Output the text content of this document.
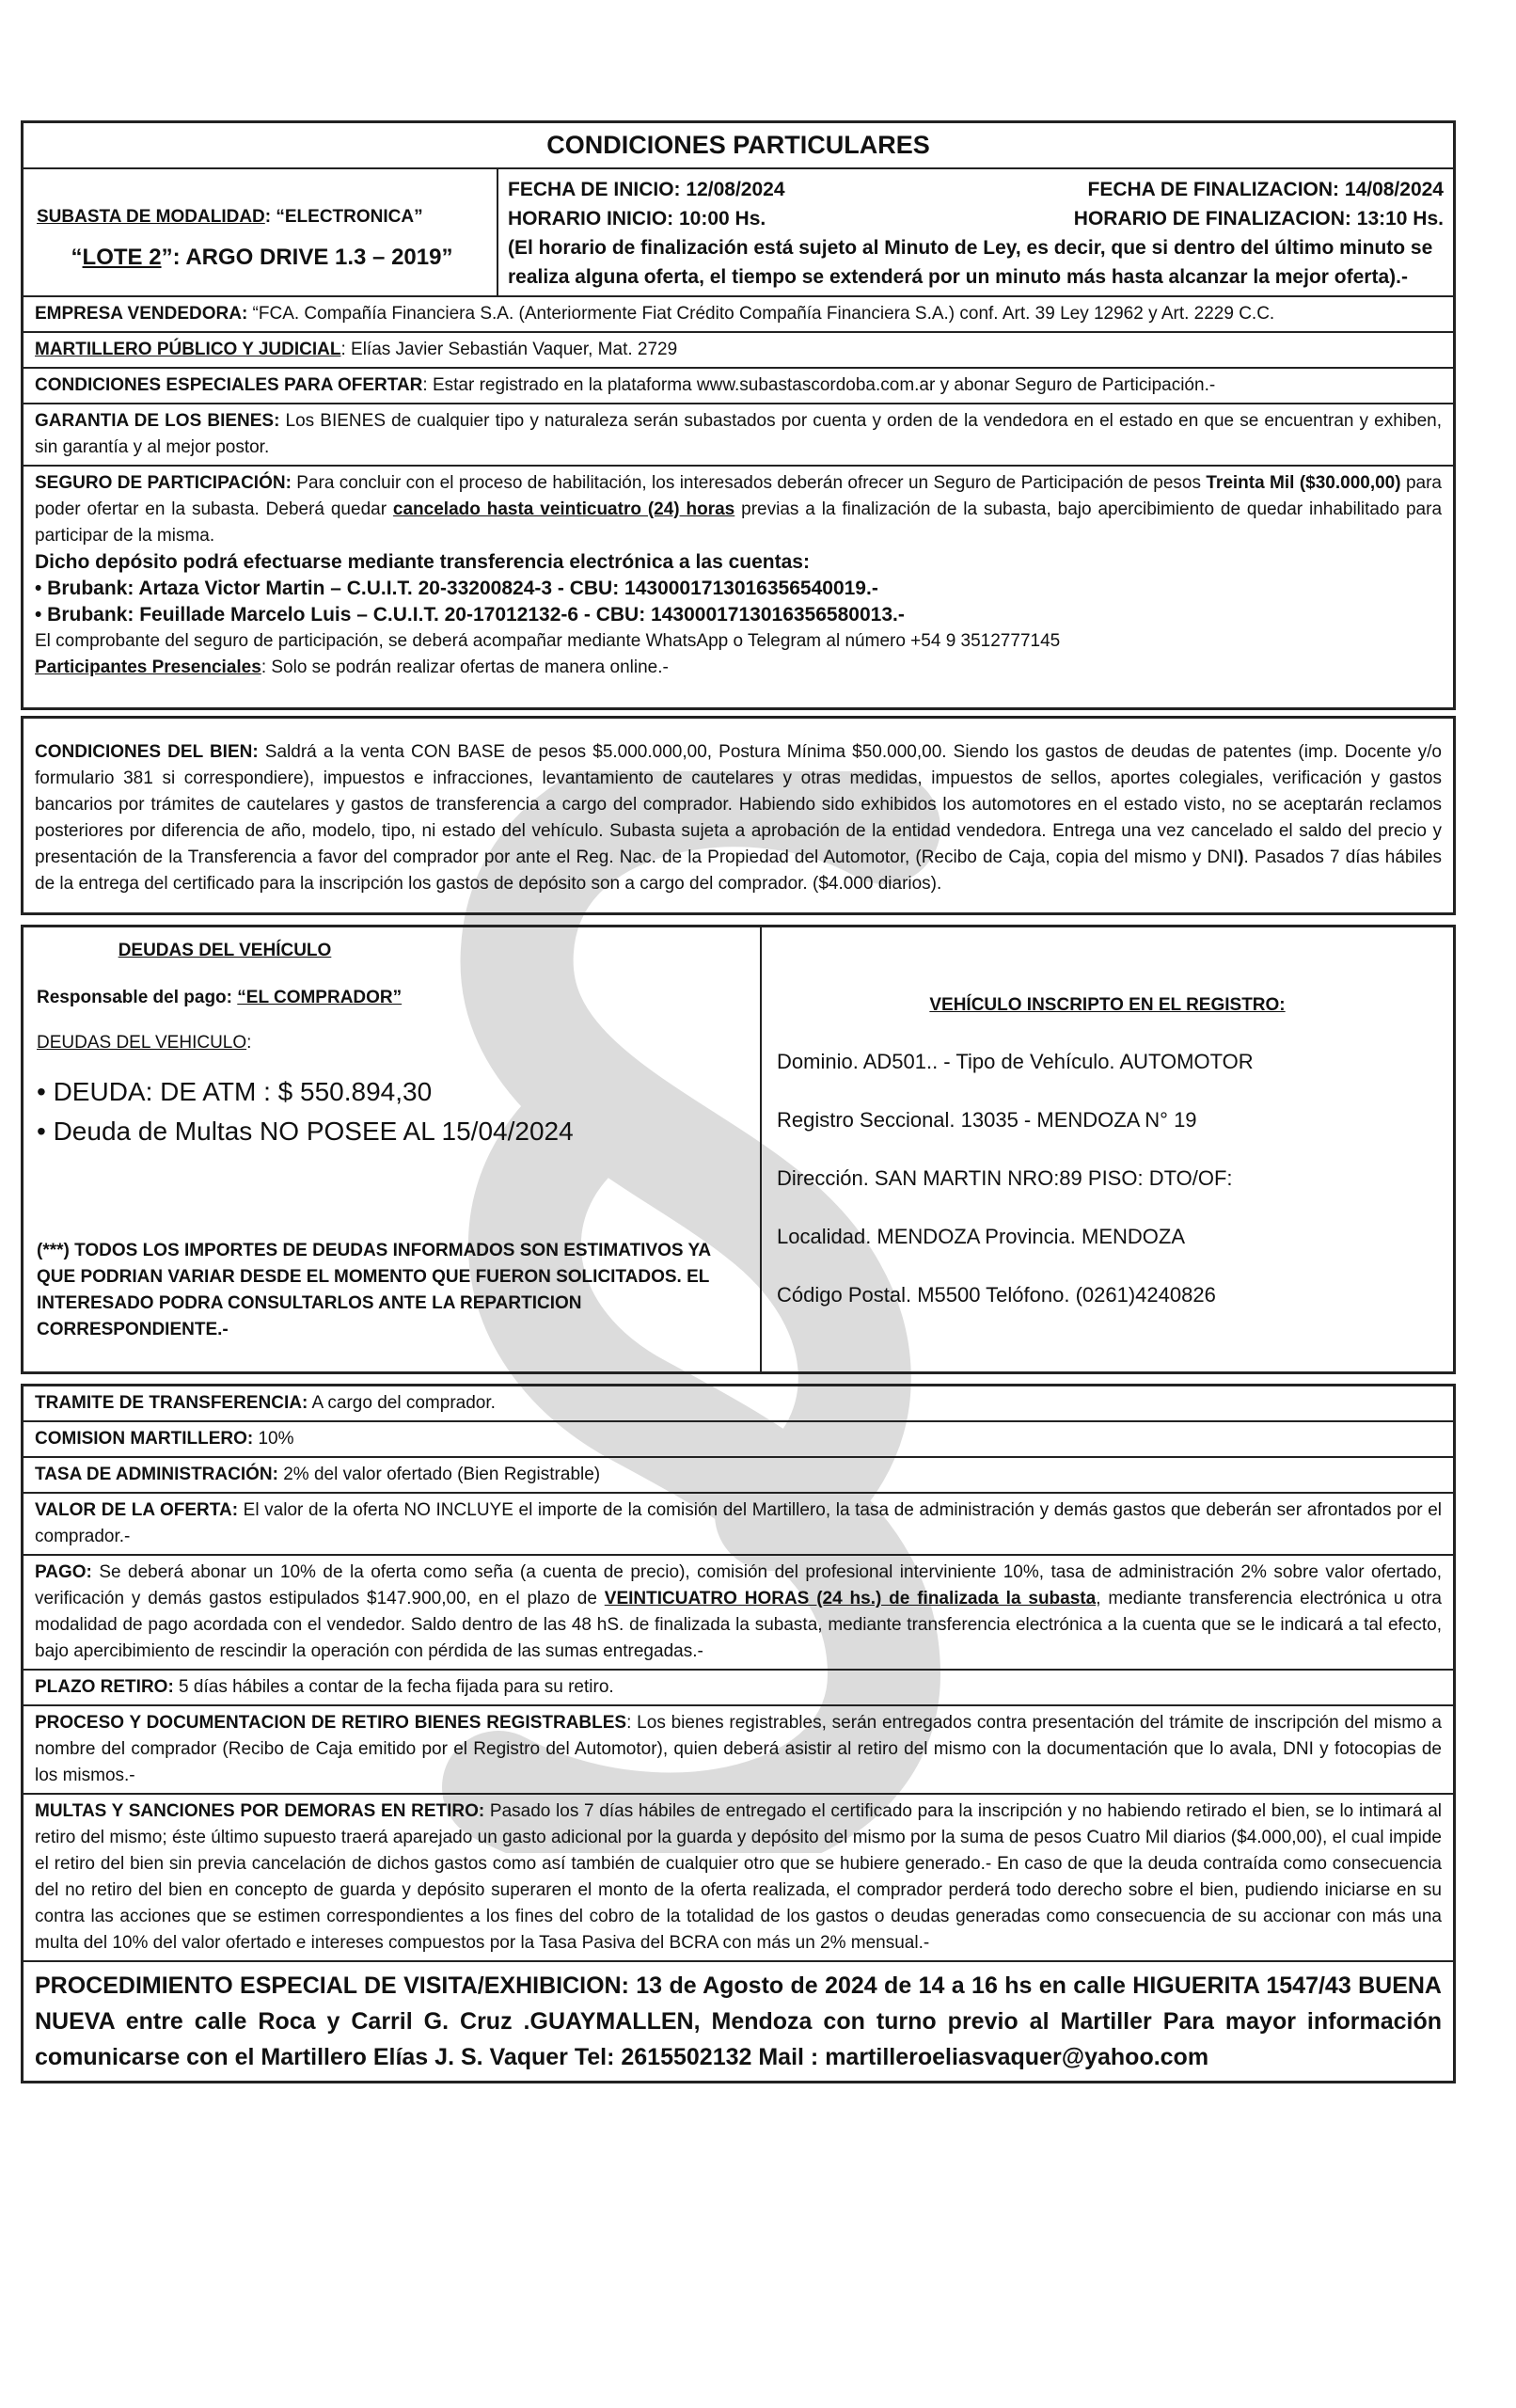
CONDICIONES PARTICULARES
SUBASTA DE MODALIDAD: “ELECTRONICA”
“LOTE 2”: ARGO DRIVE 1.3 – 2019”
FECHA DE INICIO: 12/08/2024	FECHA DE FINALIZACION: 14/08/2024
HORARIO INICIO: 10:00 Hs.	HORARIO DE FINALIZACION: 13:10 Hs.
(El horario de finalización está sujeto al Minuto de Ley, es decir, que si dentro del último minuto se realiza alguna oferta, el tiempo se extenderá por un minuto más hasta alcanzar la mejor oferta).-
EMPRESA VENDEDORA: “FCA. Compañía Financiera S.A. (Anteriormente Fiat Crédito Compañía Financiera S.A.) conf. Art. 39 Ley 12962 y Art. 2229 C.C.
MARTILLERO PÚBLICO Y JUDICIAL: Elías Javier Sebastián Vaquer, Mat. 2729
CONDICIONES ESPECIALES PARA OFERTAR: Estar registrado en la plataforma www.subastascordoba.com.ar y abonar Seguro de Participación.-
GARANTIA DE LOS BIENES: Los BIENES de cualquier tipo y naturaleza serán subastados por cuenta y orden de la vendedora en el estado en que se encuentran y exhiben, sin garantía y al mejor postor.
SEGURO DE PARTICIPACIÓN: Para concluir con el proceso de habilitación, los interesados deberán ofrecer un Seguro de Participación de pesos Treinta Mil ($30.000,00) para poder ofertar en la subasta. Deberá quedar cancelado hasta veinticuatro (24) horas previas a la finalización de la subasta, bajo apercibimiento de quedar inhabilitado para participar de la misma.
Dicho depósito podrá efectuarse mediante transferencia electrónica a las cuentas:
• Brubank: Artaza Victor Martin – C.U.I.T. 20-33200824-3 - CBU: 1430001713016356540019.-
• Brubank: Feuillade Marcelo Luis – C.U.I.T. 20-17012132-6 - CBU: 1430001713016356580013.-
El comprobante del seguro de participación, se deberá acompañar mediante WhatsApp o Telegram al número +54 9 3512777145
Participantes Presenciales: Solo se podrán realizar ofertas de manera online.-
CONDICIONES DEL BIEN: Saldrá a la venta CON BASE de pesos $5.000.000,00, Postura Mínima $50.000,00. Siendo los gastos de deudas de patentes (imp. Docente y/o formulario 381 si correspondiere), impuestos e infracciones, levantamiento de cautelares y otras medidas, impuestos de sellos, aportes colegiales, verificación y gastos bancarios por trámites de cautelares y gastos de transferencia a cargo del comprador. Habiendo sido exhibidos los automotores en el estado visto, no se aceptarán reclamos posteriores por diferencia de año, modelo, tipo, ni estado del vehículo. Subasta sujeta a aprobación de la entidad vendedora. Entrega una vez cancelado el saldo del precio y presentación de la Transferencia a favor del comprador por ante el Reg. Nac. de la Propiedad del Automotor, (Recibo de Caja, copia del mismo y DNI). Pasados 7 días hábiles de la entrega del certificado para la inscripción los gastos de depósito son a cargo del comprador. ($4.000 diarios).
DEUDAS DEL VEHÍCULO
Responsable del pago: “EL COMPRADOR”
DEUDAS DEL VEHICULO:
• DEUDA: DE ATM : $ 550.894,30
• Deuda de Multas NO POSEE AL 15/04/2024
(***) TODOS LOS IMPORTES DE DEUDAS INFORMADOS SON ESTIMATIVOS YA QUE PODRIAN VARIAR DESDE EL MOMENTO QUE FUERON SOLICITADOS. EL INTERESADO PODRA CONSULTARLOS ANTE LA REPARTICION CORRESPONDIENTE.-
VEHÍCULO INSCRIPTO EN EL REGISTRO:
Dominio. AD501.. - Tipo de Vehículo. AUTOMOTOR
Registro Seccional. 13035 - MENDOZA N° 19
Dirección. SAN MARTIN NRO:89 PISO: DTO/OF:
Localidad. MENDOZA Provincia. MENDOZA
Código Postal. M5500 Telófono. (0261)4240826
TRAMITE DE TRANSFERENCIA: A cargo del comprador.
COMISION MARTILLERO: 10%
TASA DE ADMINISTRACIÓN: 2% del valor ofertado (Bien Registrable)
VALOR DE LA OFERTA: El valor de la oferta NO INCLUYE el importe de la comisión del Martillero, la tasa de administración y demás gastos que deberán ser afrontados por el comprador.-
PAGO: Se deberá abonar un 10% de la oferta como seña (a cuenta de precio), comisión del profesional interviniente 10%, tasa de administración 2% sobre valor ofertado, verificación y demás gastos estipulados $147.900,00, en el plazo de VEINTICUATRO HORAS (24 hs.) de finalizada la subasta, mediante transferencia electrónica u otra modalidad de pago acordada con el vendedor. Saldo dentro de las 48 hS. de finalizada la subasta, mediante transferencia electrónica a la cuenta que se le indicará a tal efecto, bajo apercibimiento de rescindir la operación con pérdida de las sumas entregadas.-
PLAZO RETIRO: 5 días hábiles a contar de la fecha fijada para su retiro.
PROCESO Y DOCUMENTACION DE RETIRO BIENES REGISTRABLES: Los bienes registrables, serán entregados contra presentación del trámite de inscripción del mismo a nombre del comprador (Recibo de Caja emitido por el Registro del Automotor), quien deberá asistir al retiro del mismo con la documentación que lo avala, DNI y fotocopias de los mismos.-
MULTAS Y SANCIONES POR DEMORAS EN RETIRO: Pasado los 7 días hábiles de entregado el certificado para la inscripción y no habiendo retirado el bien, se lo intimará al retiro del mismo; éste último supuesto traerá aparejado un gasto adicional por la guarda y depósito del mismo por la suma de pesos Cuatro Mil diarios ($4.000,00), el cual impide el retiro del bien sin previa cancelación de dichos gastos como así también de cualquier otro que se hubiere generado.- En caso de que la deuda contraída como consecuencia del no retiro del bien en concepto de guarda y depósito superaren el monto de la oferta realizada, el comprador perderá todo derecho sobre el bien, pudiendo iniciarse en su contra las acciones que se estimen correspondientes a los fines del cobro de la totalidad de los gastos o deudas generadas como consecuencia de su accionar con más una multa del 10% del valor ofertado e intereses compuestos por la Tasa Pasiva del BCRA con más un 2% mensual.-
PROCEDIMIENTO ESPECIAL DE VISITA/EXHIBICION: 13 de Agosto de 2024 de 14 a 16 hs en calle HIGUERITA 1547/43 BUENA NUEVA entre calle Roca y Carril G. Cruz .GUAYMALLEN, Mendoza con turno previo al Martiller Para mayor información comunicarse con el Martillero Elías J. S. Vaquer Tel: 2615502132 Mail : martilleroeliasvaquer@yahoo.com
